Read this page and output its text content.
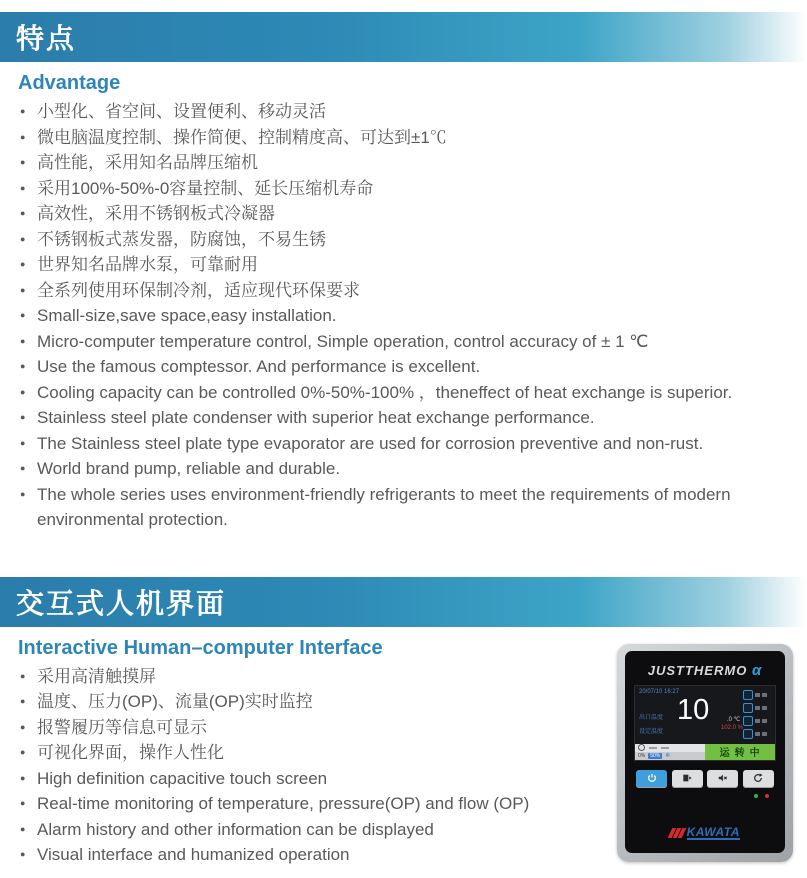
特点
Advantage
● 小型化、省空间、设置便利、移动灵活
● 微电脑温度控制、操作简便、控制精度高、可达到±1℃
● 高性能，采用知名品牌压缩机
● 采用100%-50%-0容量控制、延长压缩机寿命
● 高效性，采用不锈钢板式冷凝器
● 不锈钢板式蒸发器，防腐蚀，不易生锈
● 世界知名品牌水泵，可靠耐用
● 全系列使用环保制冷剂，适应现代环保要求
● Small-size,save space,easy installation.
● Micro-computer temperature control, Simple operation, control accuracy of ± 1 ℃
● Use the famous comptessor. And performance is excellent.
● Cooling capacity can be controlled 0%-50%-100% ，theneffect of heat exchange is superior.
● Stainless steel plate condenser with superior heat exchange performance.
● The Stainless steel plate type evaporator are used for corrosion preventive and non-rust.
● World brand pump, reliable and durable.
● The whole series uses environment-friendly refrigerants to meet the requirements of modern environmental protection.
交互式人机界面
Interactive Human–computer Interface
● 采用高清触摸屏
● 温度、压力(OP)、流量(OP)实时监控
● 报警履历等信息可显示
● 可视化界面，操作人性化
● High definition capacitive touch screen
● Real-time monitoring of temperature, pressure(OP) and flow (OP)
● Alarm history and other information can be displayed
● Visual interface and humanized operation
JUSTTHERMO α
20/07/10 16:27
出口温度
设定温度
10	.0 ℃
102.0 %
0%	50% ❄	运转中
KAWATA
